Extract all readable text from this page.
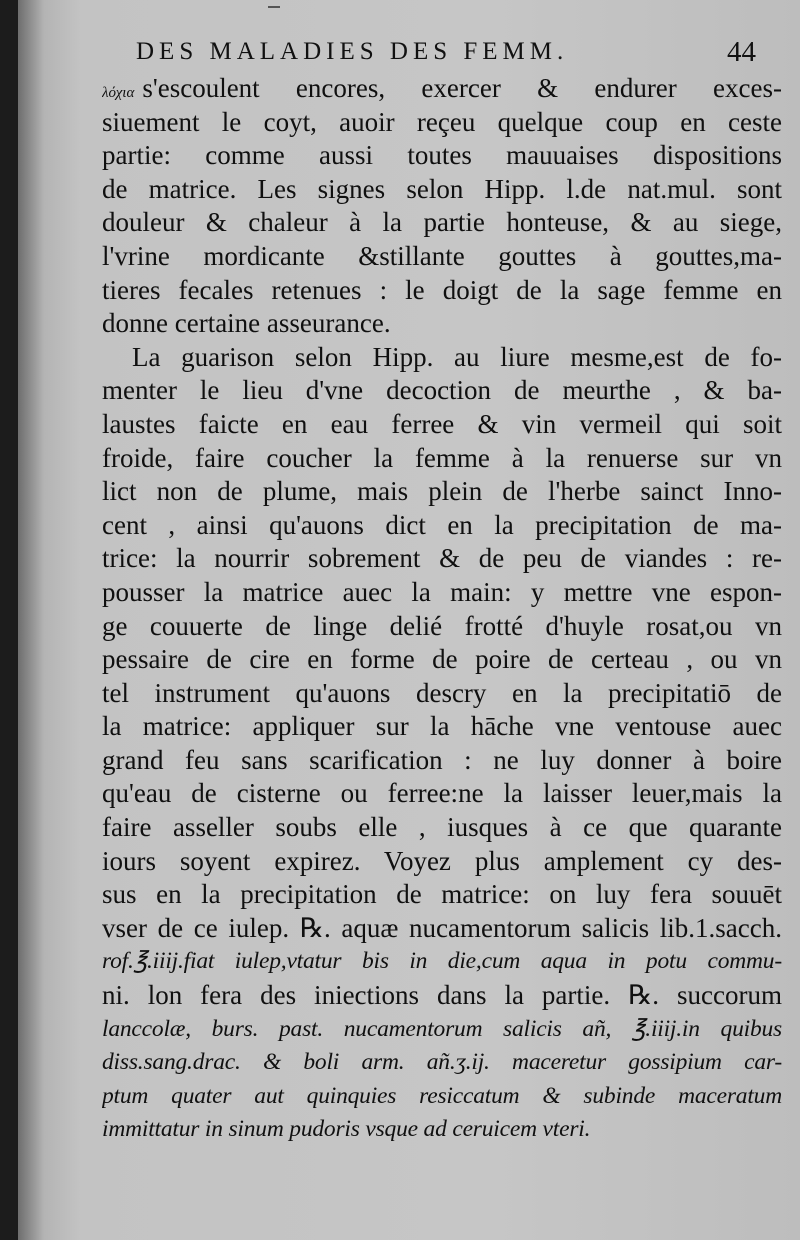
DES MALADIES DES FEMM.	44
λόχια s'escoulent encores, exercer & endurer exces-
siuement le coyt, auoir reçeu quelque coup en ceste
partie: comme aussi toutes mauuaises dispositions
de matrice. Les signes selon Hipp. l.de nat.mul. sont
douleur & chaleur à la partie honteuse, & au siege,
l'vrine mordicante &stillante gouttes à gouttes,ma-
tieres fecales retenues : le doigt de la sage femme en
donne certaine asseurance.
La guarison selon Hipp. au liure mesme,est de fo-
menter le lieu d'vne decoction de meurthe , & ba-
laustes faicte en eau ferree & vin vermeil qui soit
froide, faire coucher la femme à la renuerse sur vn
lict non de plume, mais plein de l'herbe sainct Inno-
cent , ainsi qu'auons dict en la precipitation de ma-
trice: la nourrir sobrement & de peu de viandes : re-
pousser la matrice auec la main: y mettre vne espon-
ge couuerte de linge delié frotté d'huyle rosat,ou vn
pessaire de cire en forme de poire de certeau , ou vn
tel instrument qu'auons descry en la precipitatiō de
la matrice: appliquer sur la hāche vne ventouse auec
grand feu sans scarification : ne luy donner à boire
qu'eau de cisterne ou ferree:ne la laisser leuer,mais la
faire asseller soubs elle , iusques à ce que quarante
iours soyent expirez. Voyez plus amplement cy des-
sus en la precipitation de matrice: on luy fera souuēt
vser de ce iulep. ℞. aquæ nucamentorum salicis lib.1.sacch.
rof.℥.iiij.fiat iulep,vtatur bis in die,cum aqua in potu commu-
ni. lon fera des iniections dans la partie. ℞. succorum
lanccolæ, burs. past. nucamentorum salicis añ, ℥.iiij.in quibus
diss.sang.drac. & boli arm. añ.ʒ.ij. maceretur gossipium car-
ptum quater aut quinquies resiccatum & subinde maceratum
immittatur in sinum pudoris vsque ad ceruicem vteri.
